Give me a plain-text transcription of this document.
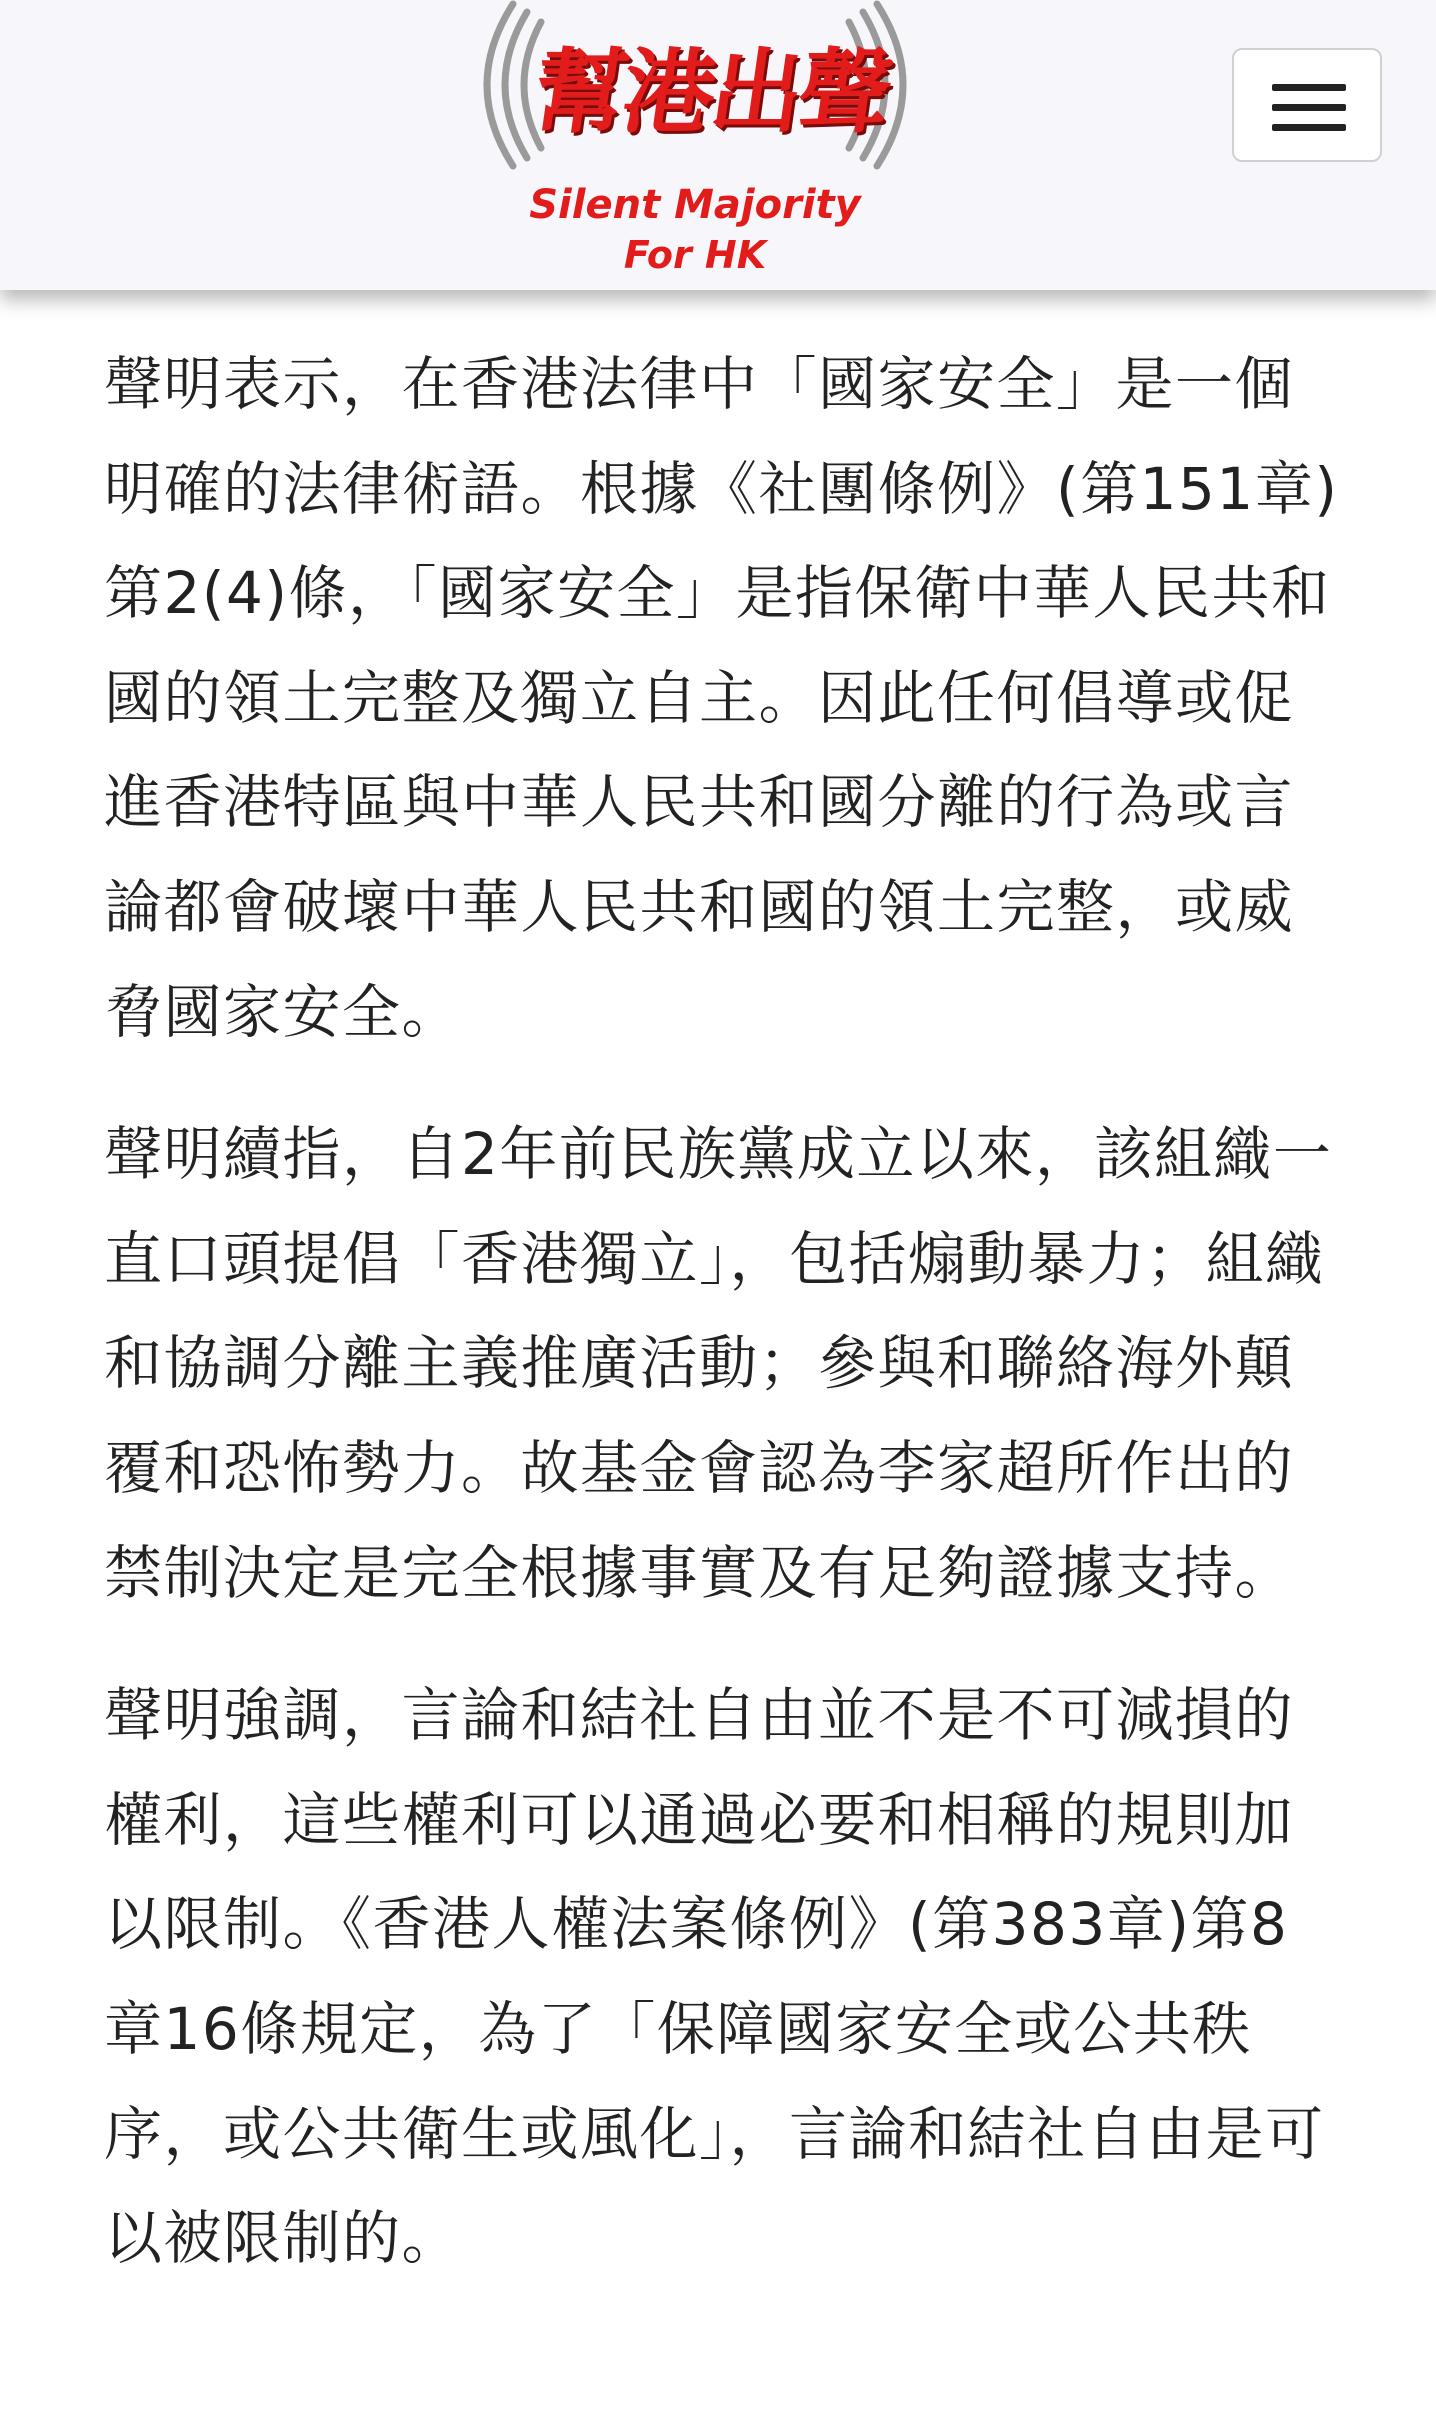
幫港出聲
Silent Majority
For HK

聲明表示，在香港法律中「國家安全」是一個明確的法律術語。根據《社團條例》(第151章)第2(4)條，「國家安全」是指保衛中華人民共和國的領土完整及獨立自主。因此任何倡導或促進香港特區與中華人民共和國分離的行為或言論都會破壞中華人民共和國的領土完整，或威脅國家安全。

聲明續指，自2年前民族黨成立以來，該組織一直口頭提倡「香港獨立」，包括煽動暴力；組織和協調分離主義推廣活動；參與和聯絡海外顛覆和恐怖勢力。故基金會認為李家超所作出的禁制決定是完全根據事實及有足夠證據支持。

聲明強調，言論和結社自由並不是不可減損的權利，這些權利可以通過必要和相稱的規則加以限制。《香港人權法案條例》(第383章)第8章16條規定，為了「保障國家安全或公共秩序，或公共衛生或風化」，言論和結社自由是可以被限制的。
